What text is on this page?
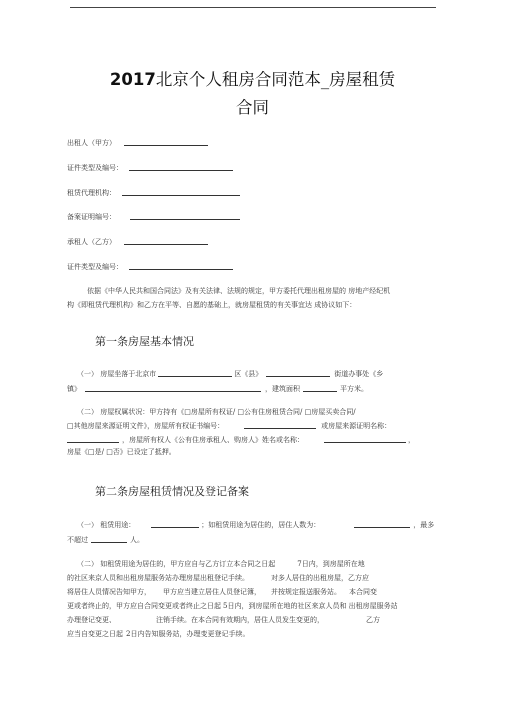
2017北京个人租房合同范本_房屋租赁
合同
出租人（甲方）
证件类型及编号：
租赁代理机构：
备案证明编号：
承租人（乙方）
证件类型及编号：
依据《中华人民共和国合同法》及有关法律、法规的规定，甲方委托代理出租房屋的 房地产经纪机
构《即租赁代理机构》和乙方在平等、自愿的基础上，就房屋租赁的有关事宜达 成协议如下：
第一条房屋基本情况
（一） 房屋坐落于北京市	区《县》	街道办事处《乡
镇》	，建筑面积	平方米。
（二） 房屋权属状况：甲方持有《□房屋所有权证/ □公有住房租赁合同/ □房屋买卖合同/
□其他房屋来源证明文件》，房屋所有权证书编号：	或房屋来源证明名称：
，房屋所有权人《公有住房承租人、购房人》姓名或名称：	，
房屋《□是/ □否》已设定了抵押。
第二条房屋租赁情况及登记备案
（一） 租赁用途：	；如租赁用途为居住的，居住人数为：	，最多
不超过	人。
（二） 如租赁用途为居住的，甲方应自与乙方订立本合同之日起	7日内，到房屋所在地
的社区来京人员和出租房屋服务站办理房屋出租登记手续。	对多人居住的出租房屋，乙方应
将居住人员情况告知甲方， 甲方应当建立居住人员登记簿， 并按规定报送服务站。 本合同变
更或者终止的，甲方应自合同变更或者终止之日起 5日内，到房屋所在地的社区来京人员和 出租房屋服务站
办理登记变更、	注销手续。在本合同有效期内，居住人员发生变更的，	乙方
应当自变更之日起 2日内告知服务站，办理变更登记手续。
